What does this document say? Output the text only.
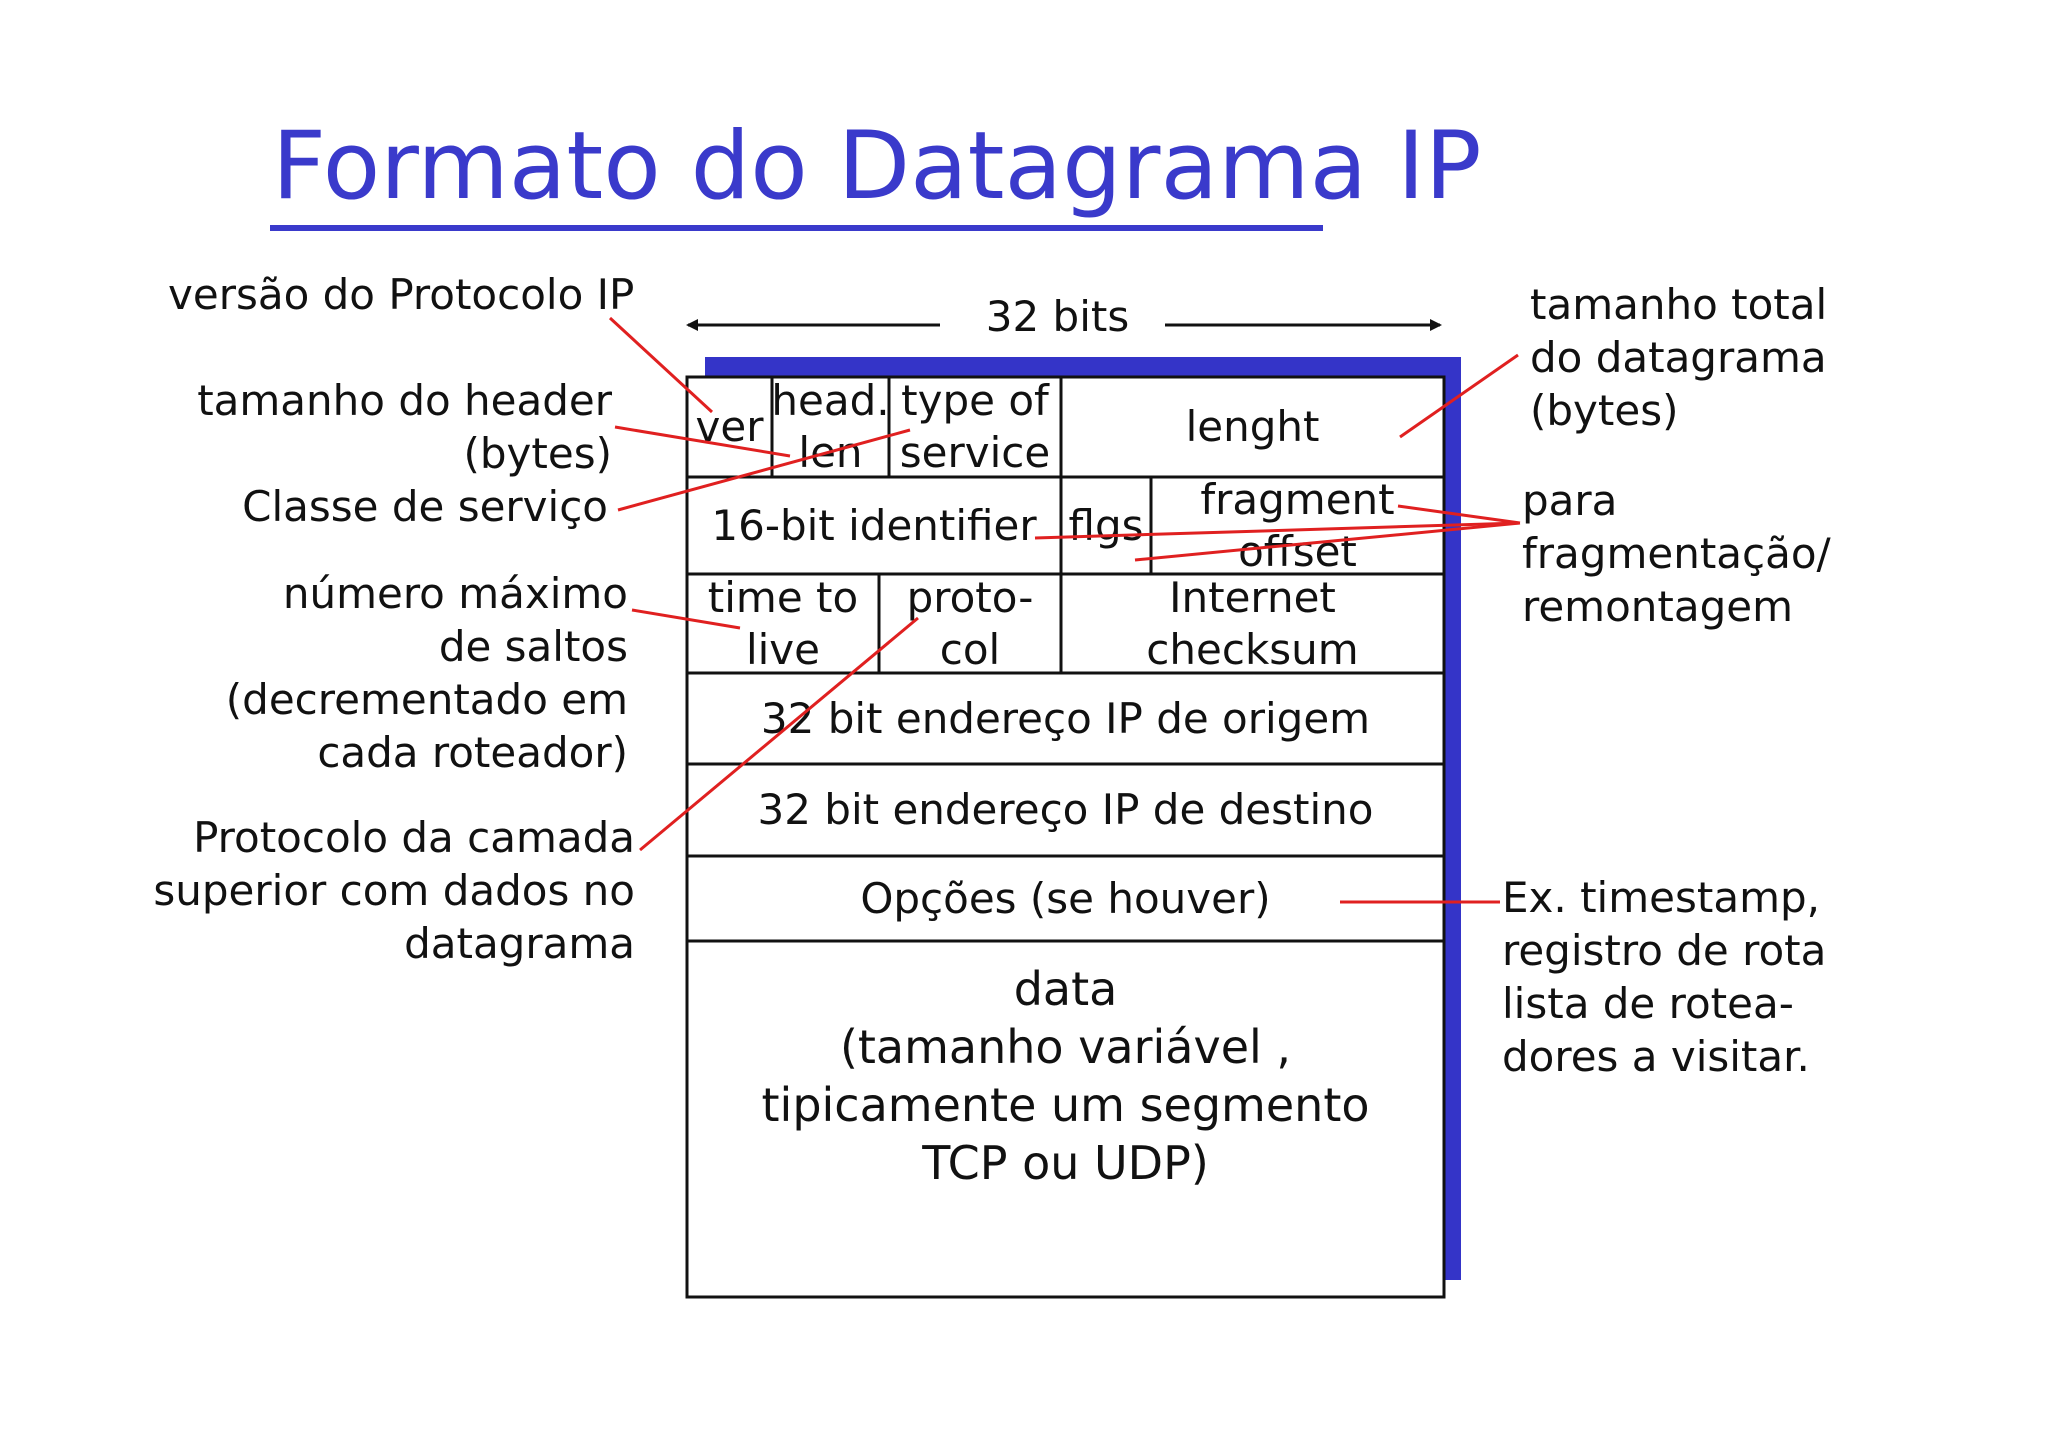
Formato do Datagrama IP
32 bits
ver
head.
len
type of
service
lenght
16-bit identifier flgs
fragment
offset
time to
live
proto-
col
Internet
checksum
32 bit endereço IP de origem
32 bit endereço IP de destino
Opções (se houver)
data
(tamanho variável ,
tipicamente um segmento
TCP ou UDP)
versão do Protocolo IP
tamanho do header
(bytes)
Classe de serviço
número máximo
de saltos
(decrementado em
cada roteador)
Protocolo da camada
superior com dados no
datagrama
tamanho total
do datagrama
(bytes)
para
fragmentação/
remontagem
Ex. timestamp,
registro de rota
lista de rotea-
dores a visitar.
